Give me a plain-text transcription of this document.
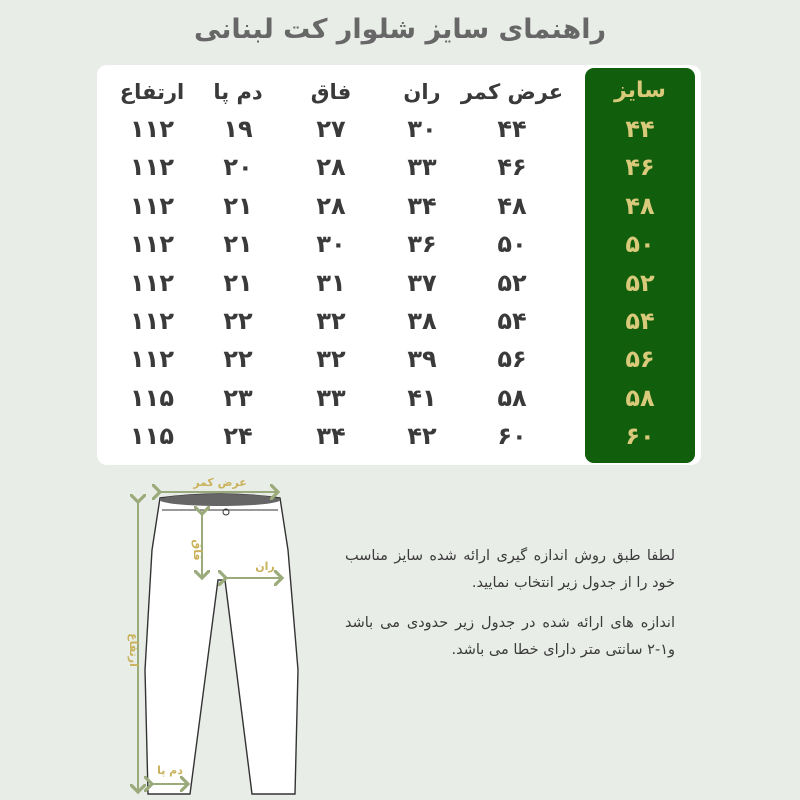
راهنمای سایز شلوار کت لبنانی
سایز
۴۴
۴۶
۴۸
۵۰
۵۲
۵۴
۵۶
۵۸
۶۰
عرض کمر
ران
فاق
دم پا
ارتفاع
۴۴
۳۰
۲۷
۱۹
۱۱۲
۴۶
۳۳
۲۸
۲۰
۱۱۲
۴۸
۳۴
۲۸
۲۱
۱۱۲
۵۰
۳۶
۳۰
۲۱
۱۱۲
۵۲
۳۷
۳۱
۲۱
۱۱۲
۵۴
۳۸
۳۲
۲۲
۱۱۲
۵۶
۳۹
۳۲
۲۲
۱۱۲
۵۸
۴۱
۳۳
۲۳
۱۱۵
۶۰
۴۲
۳۴
۲۴
۱۱۵
عرض کمر
فاق
ران
ارتفاع
دم پا
لطفا طبق روش اندازه گیری ارائه شده سایز مناسب خود را از جدول زیر انتخاب نمایید.
اندازه های ارائه شده در جدول زیر حدودی می باشد و۱-۲ سانتی متر دارای خطا می باشد.
